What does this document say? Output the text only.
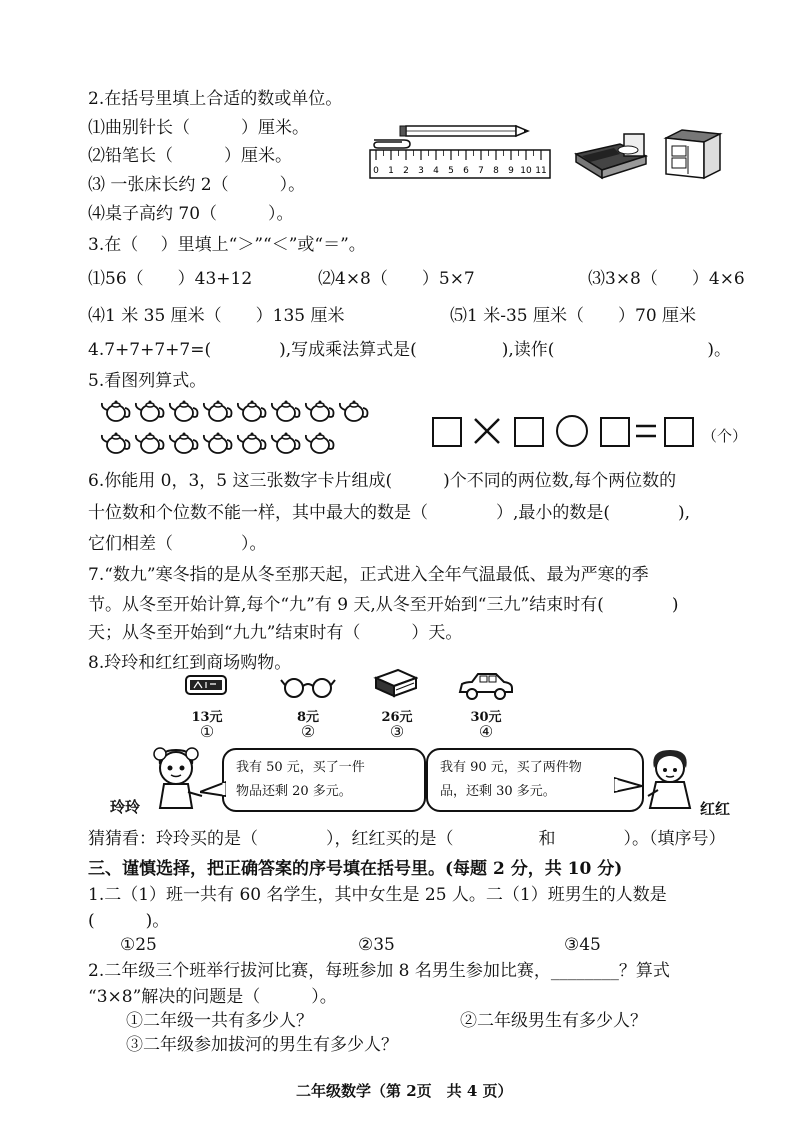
2.在括号里填上合适的数或单位。
⑴曲别针长（　　　）厘米。
⑵铅笔长（　　　）厘米。
⑶ 一张床长约 2（　　　）。
⑷桌子高约 70（　　　）。
0 1 2 3 4 5 6 7 8 9 10 11
3.在（　 ）里填上“＞”“＜”或“＝”。
⑴56（　　）43+12	⑵4×8（　　）5×7	⑶3×8（　　）4×6
⑷1 米 35 厘米（　　）135 厘米	⑸1 米-35 厘米（　　）70 厘米
4.7+7+7+7=(　　　　),写成乘法算式是(　　　　　),读作(　　　　　　　　　)。
5.看图列算式。
（个）
6.你能用 0，3，5 这三张数字卡片组成(　　　)个不同的两位数,每个两位数的
十位数和个位数不能一样，其中最大的数是（　　　　）,最小的数是(　　　　),
它们相差（　　　　）。
7.“数九”寒冬指的是从冬至那天起，正式进入全年气温最低、最为严寒的季
节。从冬至开始计算,每个“九”有 9 天,从冬至开始到“三九”结束时有(　　　　)
天；从冬至开始到“九九”结束时有（　　　）天。
8.玲玲和红红到商场购物。
13元	8元	26元	30元
①	②	③	④
玲玲
我有 50 元，买了一件
物品还剩 20 多元。
我有 90 元，买了两件物
品，还剩 30 多元。
红红
猜猜看：玲玲买的是（　　　　），红红买的是（　　　　　和　　　　）。（填序号）
三、谨慎选择，把正确答案的序号填在括号里。(每题 2 分，共 10 分)
1.二（1）班一共有 60 名学生，其中女生是 25 人。二（1）班男生的人数是
(　　　)。
①25	②35	③45
2.二年级三个班举行拔河比赛，每班参加 8 名男生参加比赛，________？算式
“3×8”解决的问题是（　　　）。
①二年级一共有多少人？	②二年级男生有多少人？
③二年级参加拔河的男生有多少人？
二年级数学（第 2页　共 4 页）
